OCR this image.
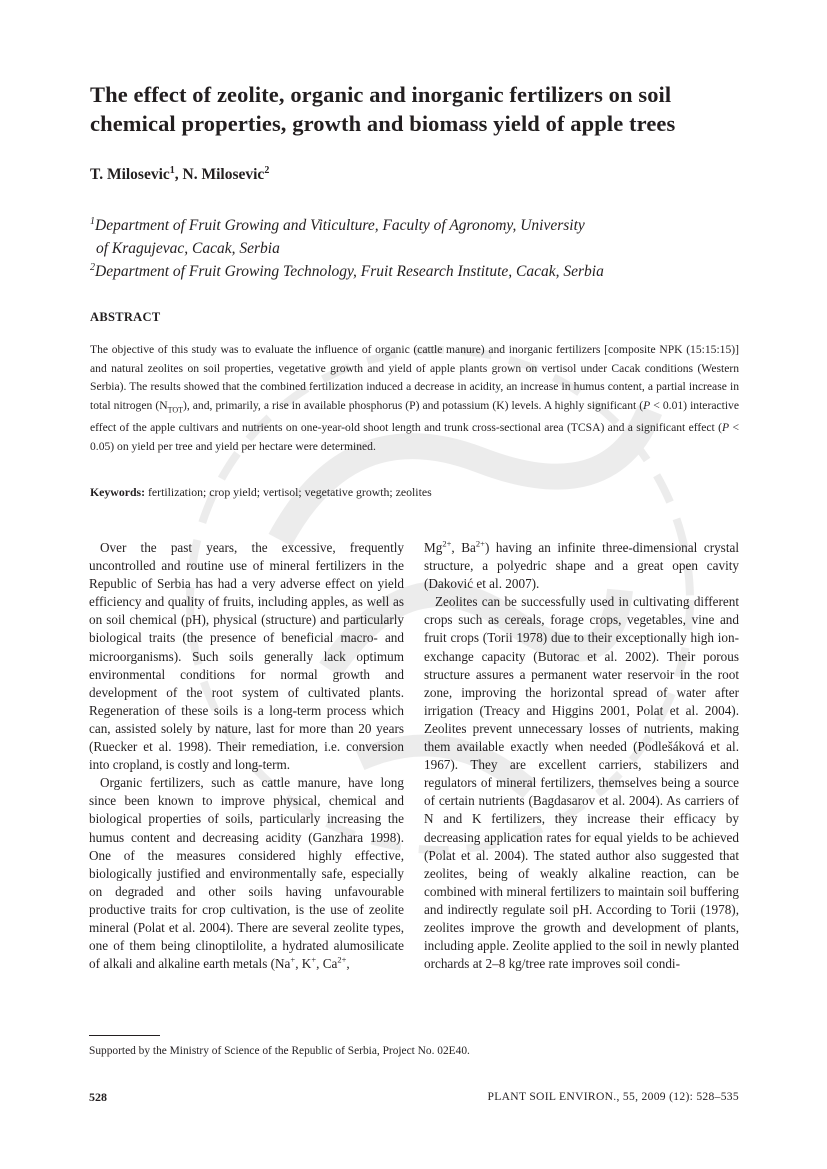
The effect of zeolite, organic and inorganic fertilizers on soil chemical properties, growth and biomass yield of apple trees
T. Milosevic$^1$, N. Milosevic$^2$
$^1$Department of Fruit Growing and Viticulture, Faculty of Agronomy, University
of Kragujevac, Cacak, Serbia
$^2$Department of Fruit Growing Technology, Fruit Research Institute, Cacak, Serbia
ABSTRACT

The objective of this study was to evaluate the influence of organic (cattle manure) and inorganic fertilizers [composite NPK (15:15:15)] and natural zeolites on soil properties, vegetative growth and yield of apple plants grown on vertisol under Cacak conditions (Western Serbia). The results showed that the combined fertilization induced a decrease in acidity, an increase in humus content, a partial increase in total nitrogen $(N_{TOT})$, and, primarily, a rise in available phosphorus (P) and potassium (K) levels. A highly significant (P < 0.01) interactive effect of the apple cultivars and nutrients on one-year-old shoot length and trunk cross-sectional area (TCSA) and a significant effect (P < 0.05) on yield per tree and yield per hectare were determined.

Keywords: fertilization; crop yield; vertisol; vegetative growth; zeolites

Over the past years, the excessive, frequently uncontrolled and routine use of mineral fertilizers in the Republic of Serbia has had a very adverse effect on yield efficiency and quality of fruits, including apples, as well as on soil chemical (pH), physical (structure) and particularly biological traits (the presence of beneficial macro- and microorganisms). Such soils generally lack optimum environmental conditions for normal growth and development of the root system of cultivated plants. Regeneration of these soils is a long-term process which can, assisted solely by nature, last for more than 20 years (Ruecker et al. 1998). Their remediation, i.e. conversion into cropland, is costly and long-term.

Organic fertilizers, such as cattle manure, have long since been known to improve physical, chemical and biological properties of soils, particularly increasing the humus content and decreasing acidity (Ganzhara 1998). One of the measures considered highly effective, biologically justified and environmentally safe, especially on degraded and other soils having unfavourable productive traits for crop cultivation, is the use of zeolite mineral (Polat et al. 2004). There are several zeolite types, one of them being clinoptilolite, a hydrated alumosilicate of alkali and alkaline earth metals (Na+, K+, $Ca^{2+}$,

$Mg^{2+}$, $Ba^{2+}$) having an infinite three-dimensional crystal structure, a polyedric shape and a great open cavity (Daković et al. 2007).

Zeolites can be successfully used in cultivating different crops such as cereals, forage crops, vegetables, vine and fruit crops (Torii 1978) due to their exceptionally high ion-exchange capacity (Butorac et al. 2002). Their porous structure assures a permanent water reservoir in the root zone, improving the horizontal spread of water after irrigation (Treacy and Higgins 2001, Polat et al. 2004). Zeolites prevent unnecessary losses of nutrients, making them available exactly when needed (Podlešáková et al. 1967). They are excellent carriers, stabilizers and regulators of mineral fertilizers, themselves being a source of certain nutrients (Bagdasarov et al. 2004). As carriers of N and K fertilizers, they increase their efficacy by decreasing application rates for equal yields to be achieved (Polat et al. 2004). The stated author also suggested that zeolites, being of weakly alkaline reaction, can be combined with mineral fertilizers to maintain soil buffering and indirectly regulate soil pH. According to Torii (1978), zeolites improve the growth and development of plants, including apple. Zeolite applied to the soil in newly planted orchards at 2–8 kg/tree rate improves soil condi-

Supported by the Ministry of Science of the Republic of Serbia, Project No. 02E40.
528	PLANT SOIL ENVIRON., 55, 2009 (12): 528–535
